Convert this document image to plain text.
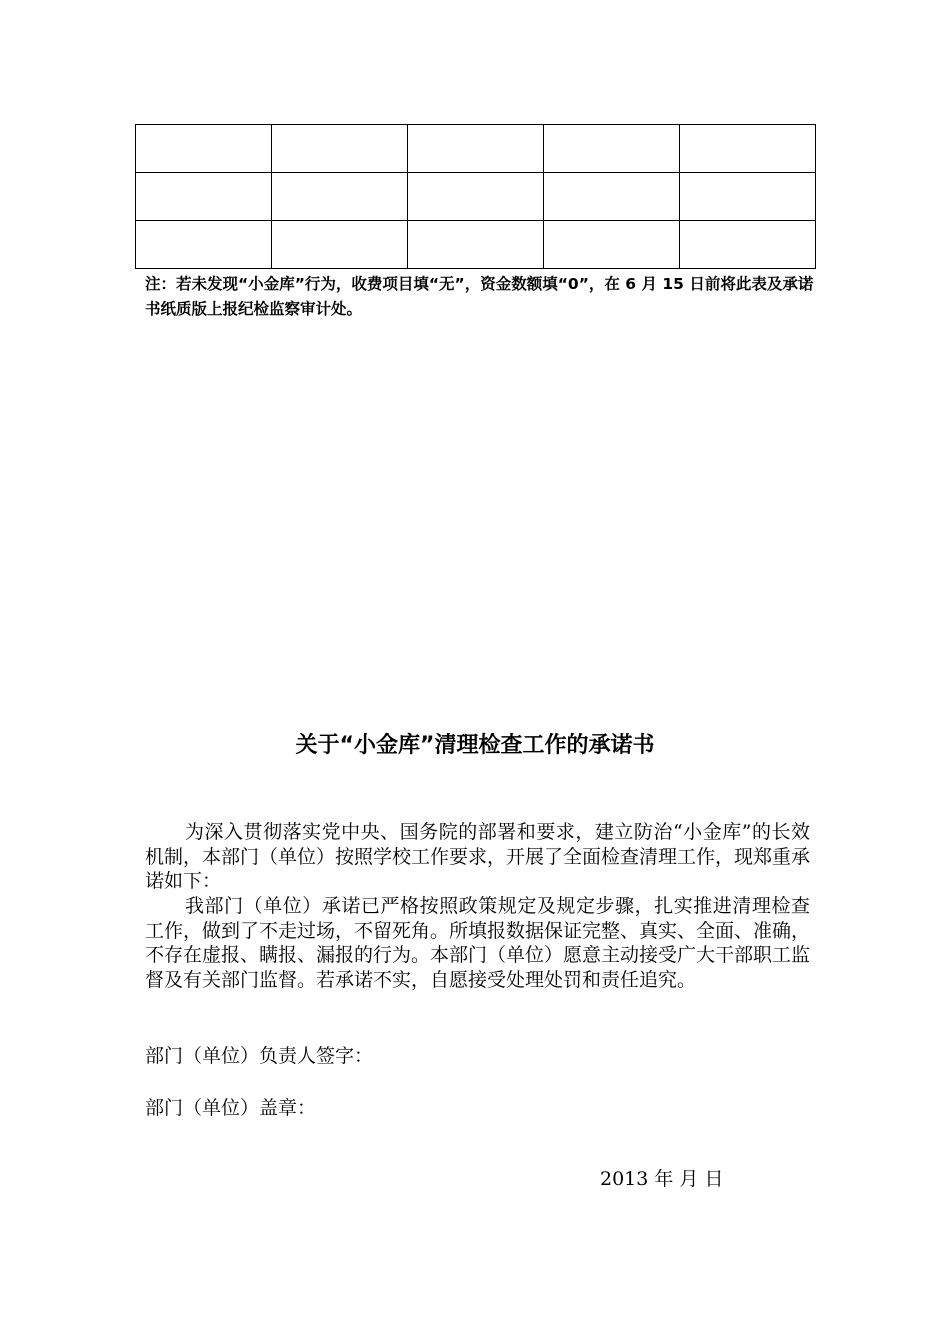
注：若未发现“小金库”行为，收费项目填“无”，资金数额填“0”，在 6 月 15 日前将此表及承诺书纸质版上报纪检监察审计处。

关于“小金库”清理检查工作的承诺书

为深入贯彻落实党中央、国务院的部署和要求，建立防治“小金库”的长效机制，本部门（单位）按照学校工作要求，开展了全面检查清理工作，现郑重承诺如下：

我部门（单位）承诺已严格按照政策规定及规定步骤，扎实推进清理检查工作，做到了不走过场，不留死角。所填报数据保证完整、真实、全面、准确，不存在虚报、瞒报、漏报的行为。本部门（单位）愿意主动接受广大干部职工监督及有关部门监督。若承诺不实，自愿接受处理处罚和责任追究。

部门（单位）负责人签字：

部门（单位）盖章：

2013 年 月 日
